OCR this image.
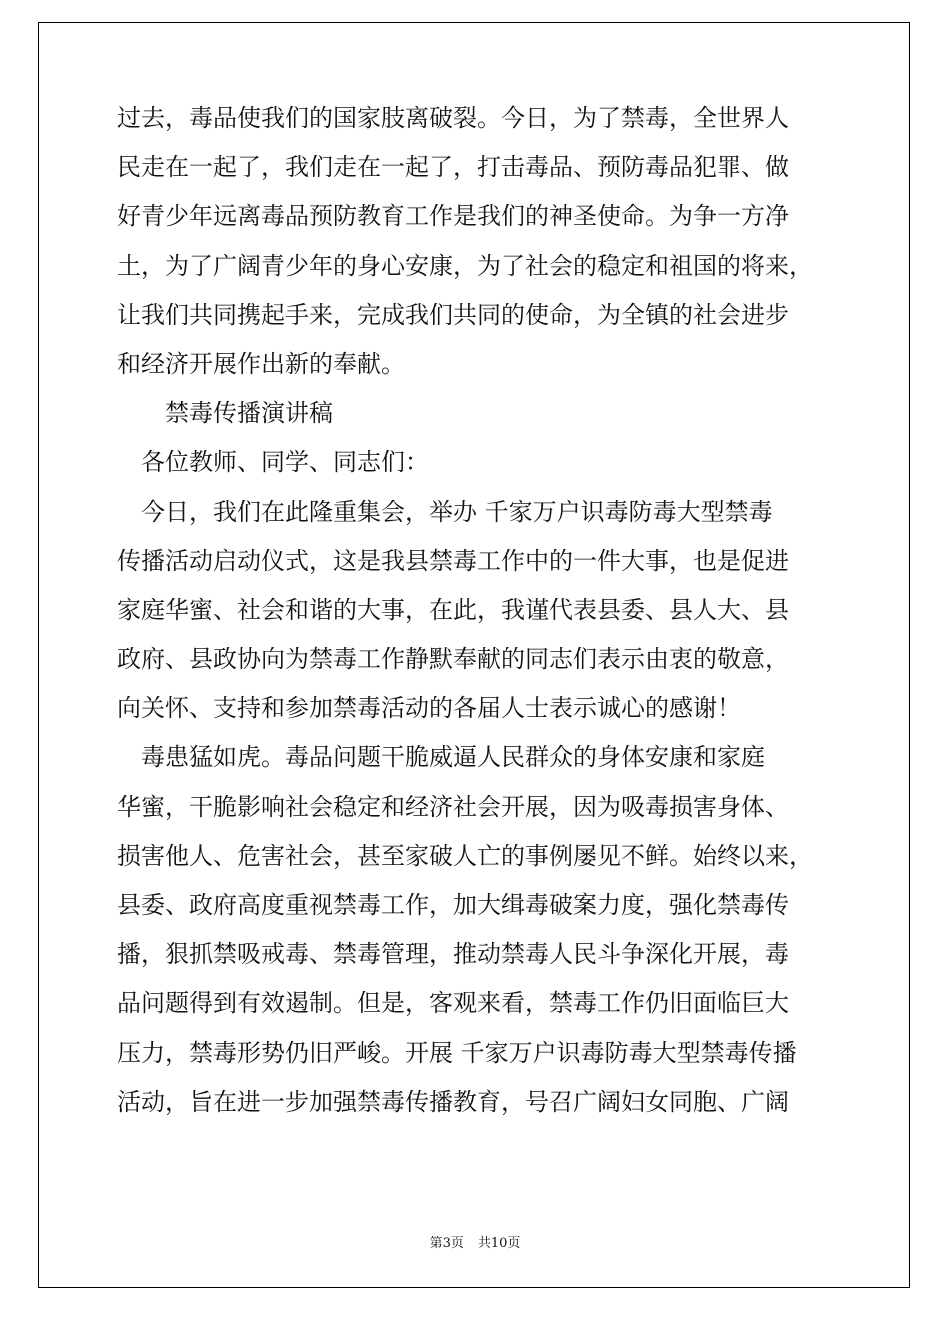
过去，毒品使我们的国家肢离破裂。今日，为了禁毒，全世界人
民走在一起了，我们走在一起了，打击毒品、预防毒品犯罪、做
好青少年远离毒品预防教育工作是我们的神圣使命。为争一方净
土，为了广阔青少年的身心安康，为了社会的稳定和祖国的将来，
让我们共同携起手来，完成我们共同的使命，为全镇的社会进步
和经济开展作出新的奉献。
　　禁毒传播演讲稿
　各位教师、同学、同志们：
　今日，我们在此隆重集会，举办 千家万户识毒防毒大型禁毒
传播活动启动仪式，这是我县禁毒工作中的一件大事，也是促进
家庭华蜜、社会和谐的大事，在此，我谨代表县委、县人大、县
政府、县政协向为禁毒工作静默奉献的同志们表示由衷的敬意，
向关怀、支持和参加禁毒活动的各届人士表示诚心的感谢！
　毒患猛如虎。毒品问题干脆威逼人民群众的身体安康和家庭
华蜜，干脆影响社会稳定和经济社会开展，因为吸毒损害身体、
损害他人、危害社会，甚至家破人亡的事例屡见不鲜。始终以来，
县委、政府高度重视禁毒工作，加大缉毒破案力度，强化禁毒传
播，狠抓禁吸戒毒、禁毒管理，推动禁毒人民斗争深化开展，毒
品问题得到有效遏制。但是，客观来看，禁毒工作仍旧面临巨大
压力，禁毒形势仍旧严峻。开展 千家万户识毒防毒大型禁毒传播
活动，旨在进一步加强禁毒传播教育，号召广阔妇女同胞、广阔
第3页 共10页
